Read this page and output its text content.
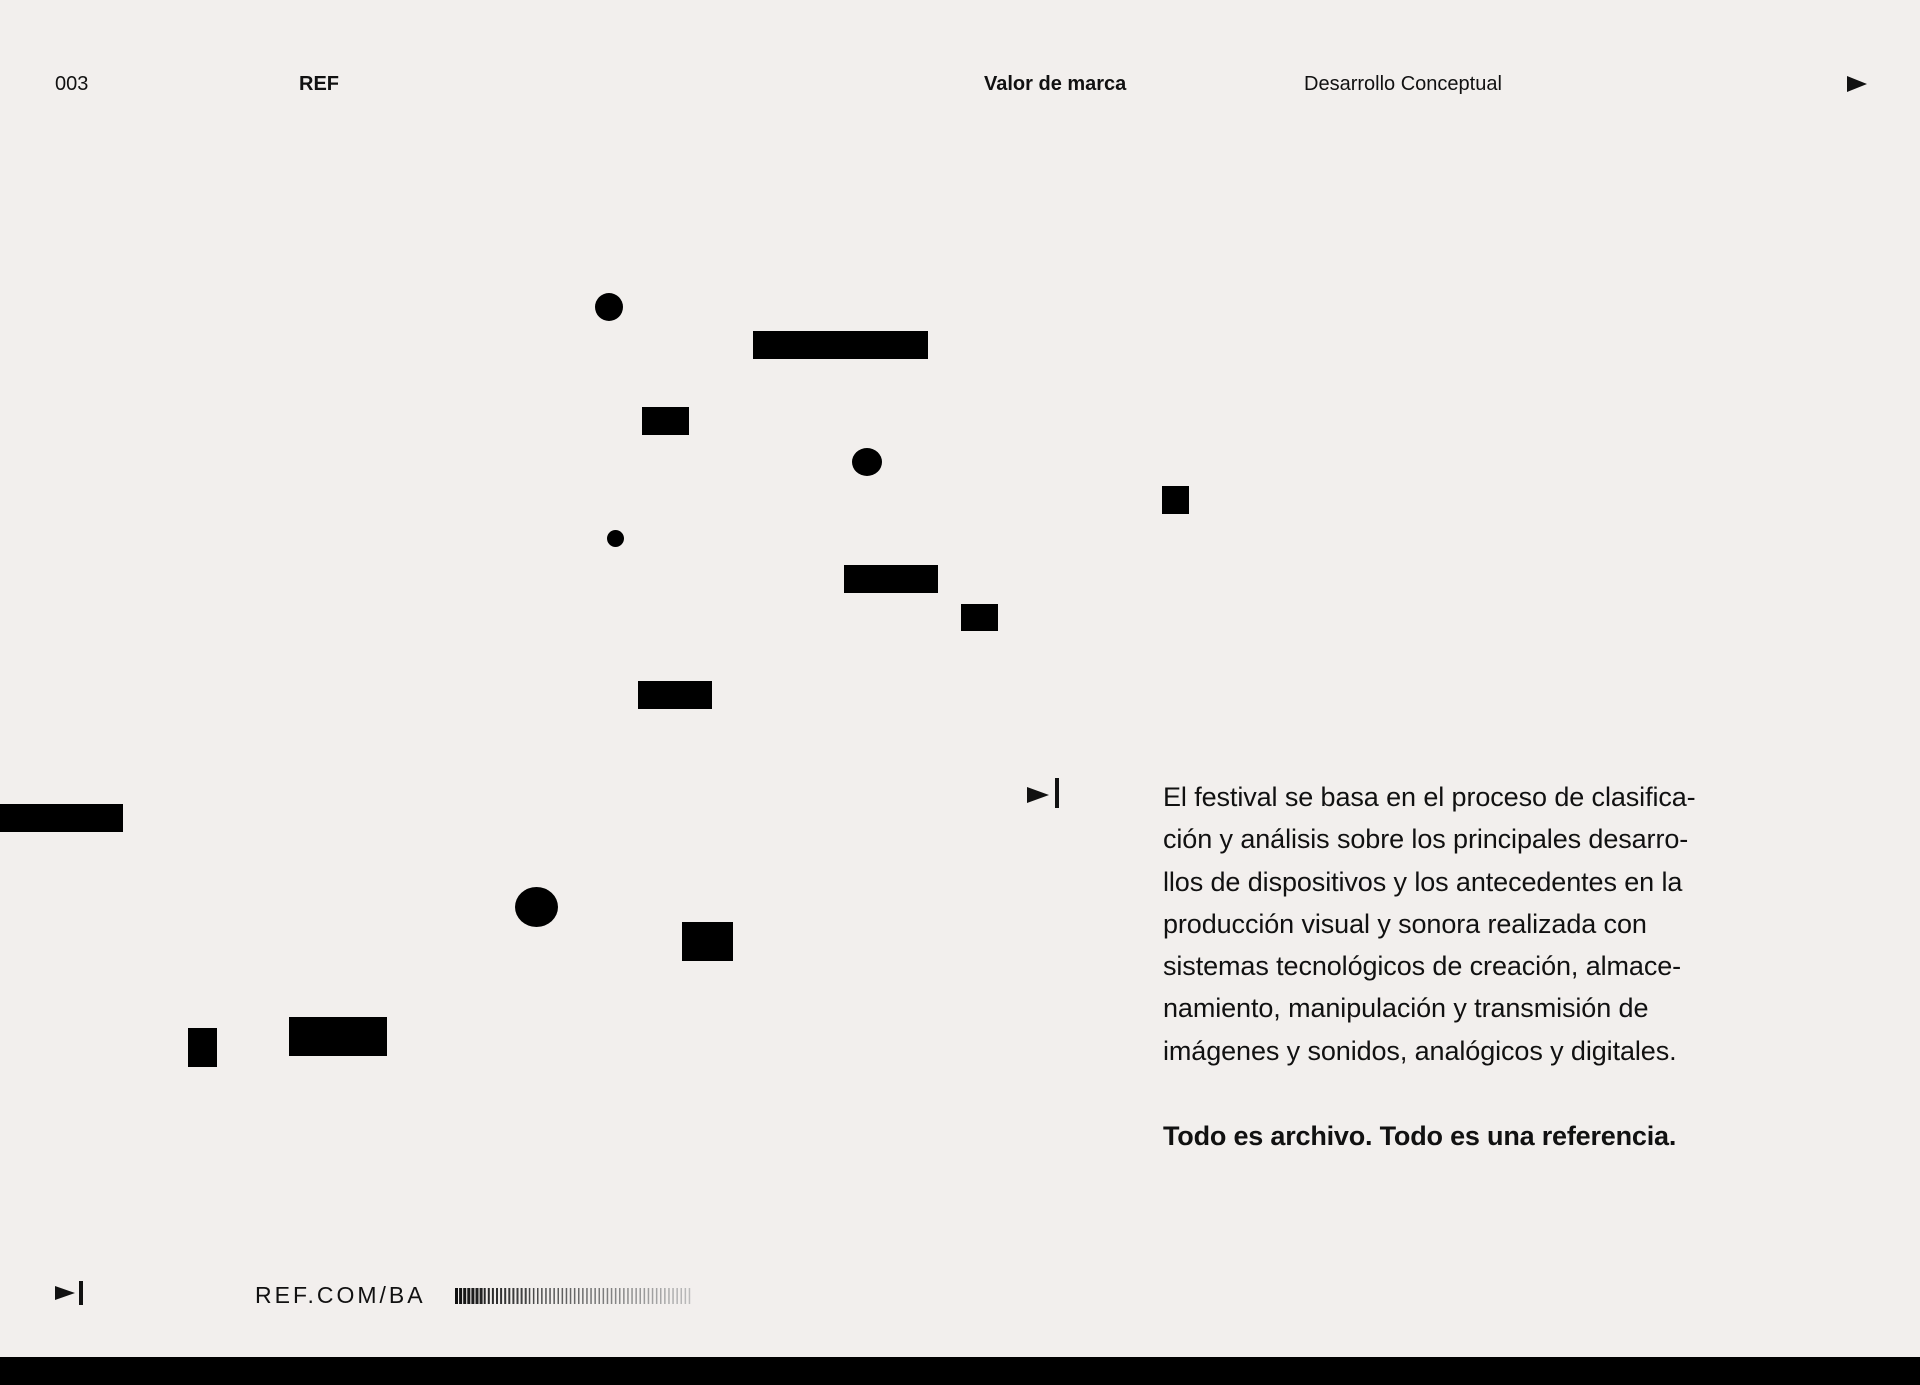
003	REF	Valor de marca	Desarrollo Conceptual
El festival se basa en el proceso de clasifica-
ción y análisis sobre los principales desarro-
llos de dispositivos y los antecedentes en la
producción visual y sonora realizada con
sistemas tecnológicos de creación, almace-
namiento, manipulación y transmisión de
imágenes y sonidos, analógicos y digitales.
Todo es archivo. Todo es una referencia.
REF.COM/BA
